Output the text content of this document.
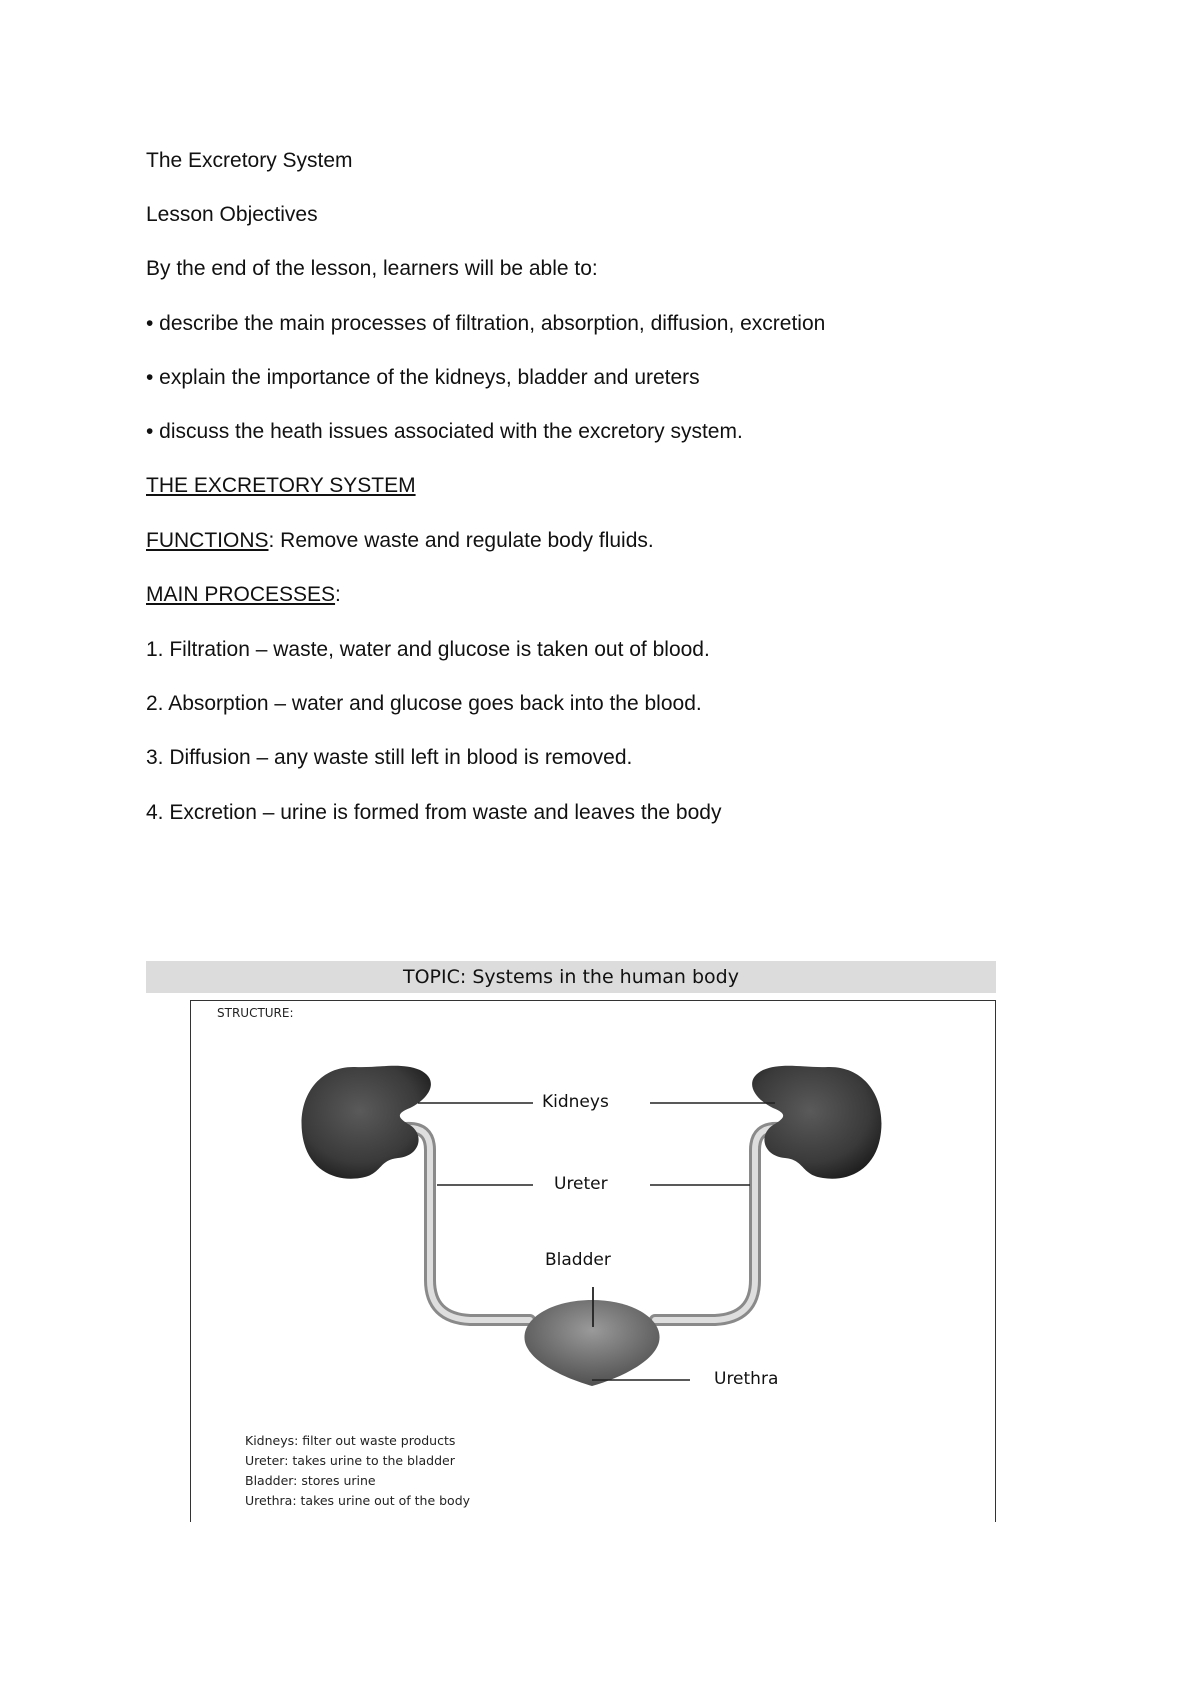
The Excretory System
Lesson Objectives
By the end of the lesson, learners will be able to:
• describe the main processes of filtration, absorption, diffusion, excretion
• explain the importance of the kidneys, bladder and ureters
• discuss the heath issues associated with the excretory system.
THE EXCRETORY SYSTEM
FUNCTIONS: Remove waste and regulate body fluids.
MAIN PROCESSES:
1. Filtration – waste, water and glucose is taken out of blood.
2. Absorption – water and glucose goes back into the blood.
3. Diffusion – any waste still left in blood is removed.
4. Excretion – urine is formed from waste and leaves the body
TOPIC: Systems in the human body
STRUCTURE:
Kidneys
Ureter
Bladder
Urethra
Kidneys: filter out waste products
Ureter: takes urine to the bladder
Bladder: stores urine
Urethra: takes urine out of the body
